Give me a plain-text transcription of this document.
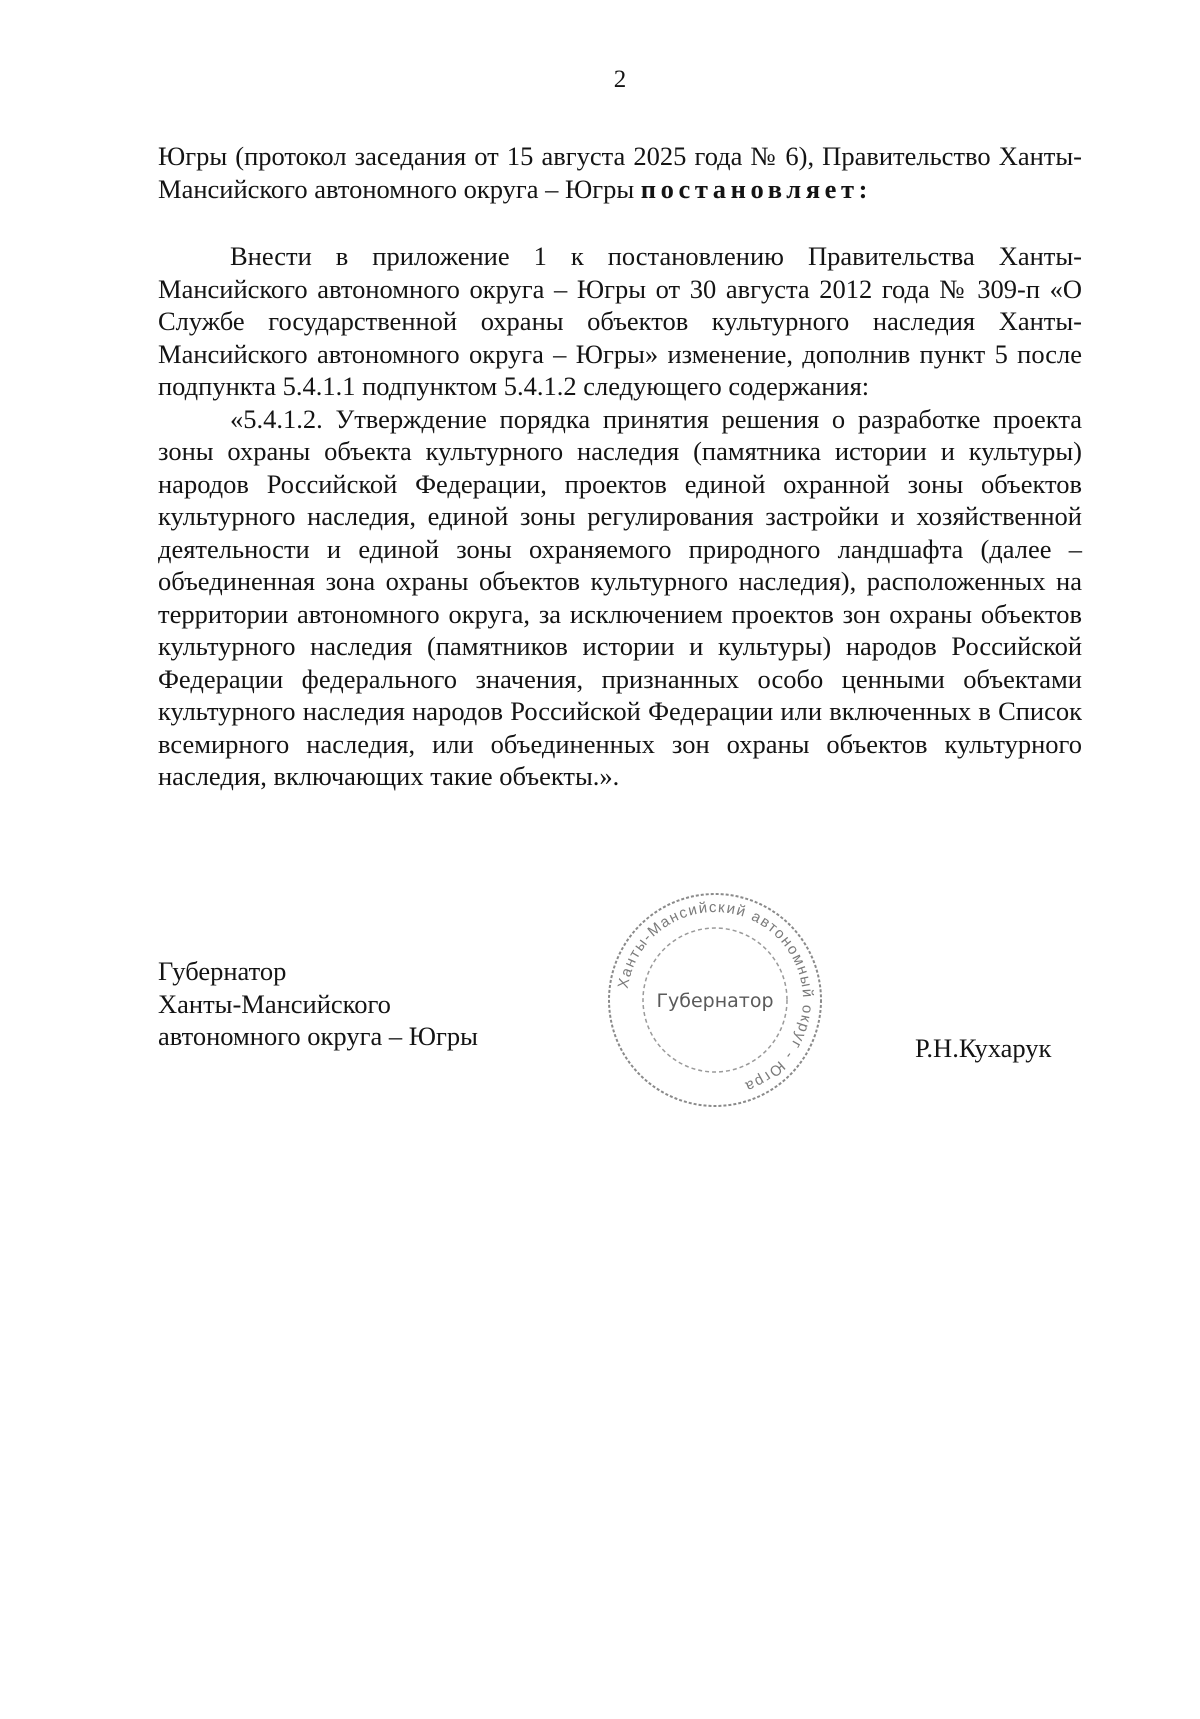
2

Югры (протокол заседания от 15 августа 2025 года № 6), Правительство Ханты-Мансийского автономного округа – Югры постановляет:

Внести в приложение 1 к постановлению Правительства Ханты-Мансийского автономного округа – Югры от 30 августа 2012 года № 309-п «О Службе государственной охраны объектов культурного наследия Ханты-Мансийского автономного округа – Югры» изменение, дополнив пункт 5 после подпункта 5.4.1.1 подпунктом 5.4.1.2 следующего содержания:

«5.4.1.2. Утверждение порядка принятия решения о разработке проекта зоны охраны объекта культурного наследия (памятника истории и культуры) народов Российской Федерации, проектов единой охранной зоны объектов культурного наследия, единой зоны регулирования застройки и хозяйственной деятельности и единой зоны охраняемого природного ландшафта (далее – объединенная зона охраны объектов культурного наследия), расположенных на территории автономного округа, за исключением проектов зон охраны объектов культурного наследия (памятников истории и культуры) народов Российской Федерации федерального значения, признанных особо ценными объектами культурного наследия народов Российской Федерации или включенных в Список всемирного наследия, или объединенных зон охраны объектов культурного наследия, включающих такие объекты.».

Губернатор
Ханты-Мансийского
автономного округа – Югры
Ханты-Мансийский автономный округ - Югра
Губернатор
Р.Н.Кухарук
